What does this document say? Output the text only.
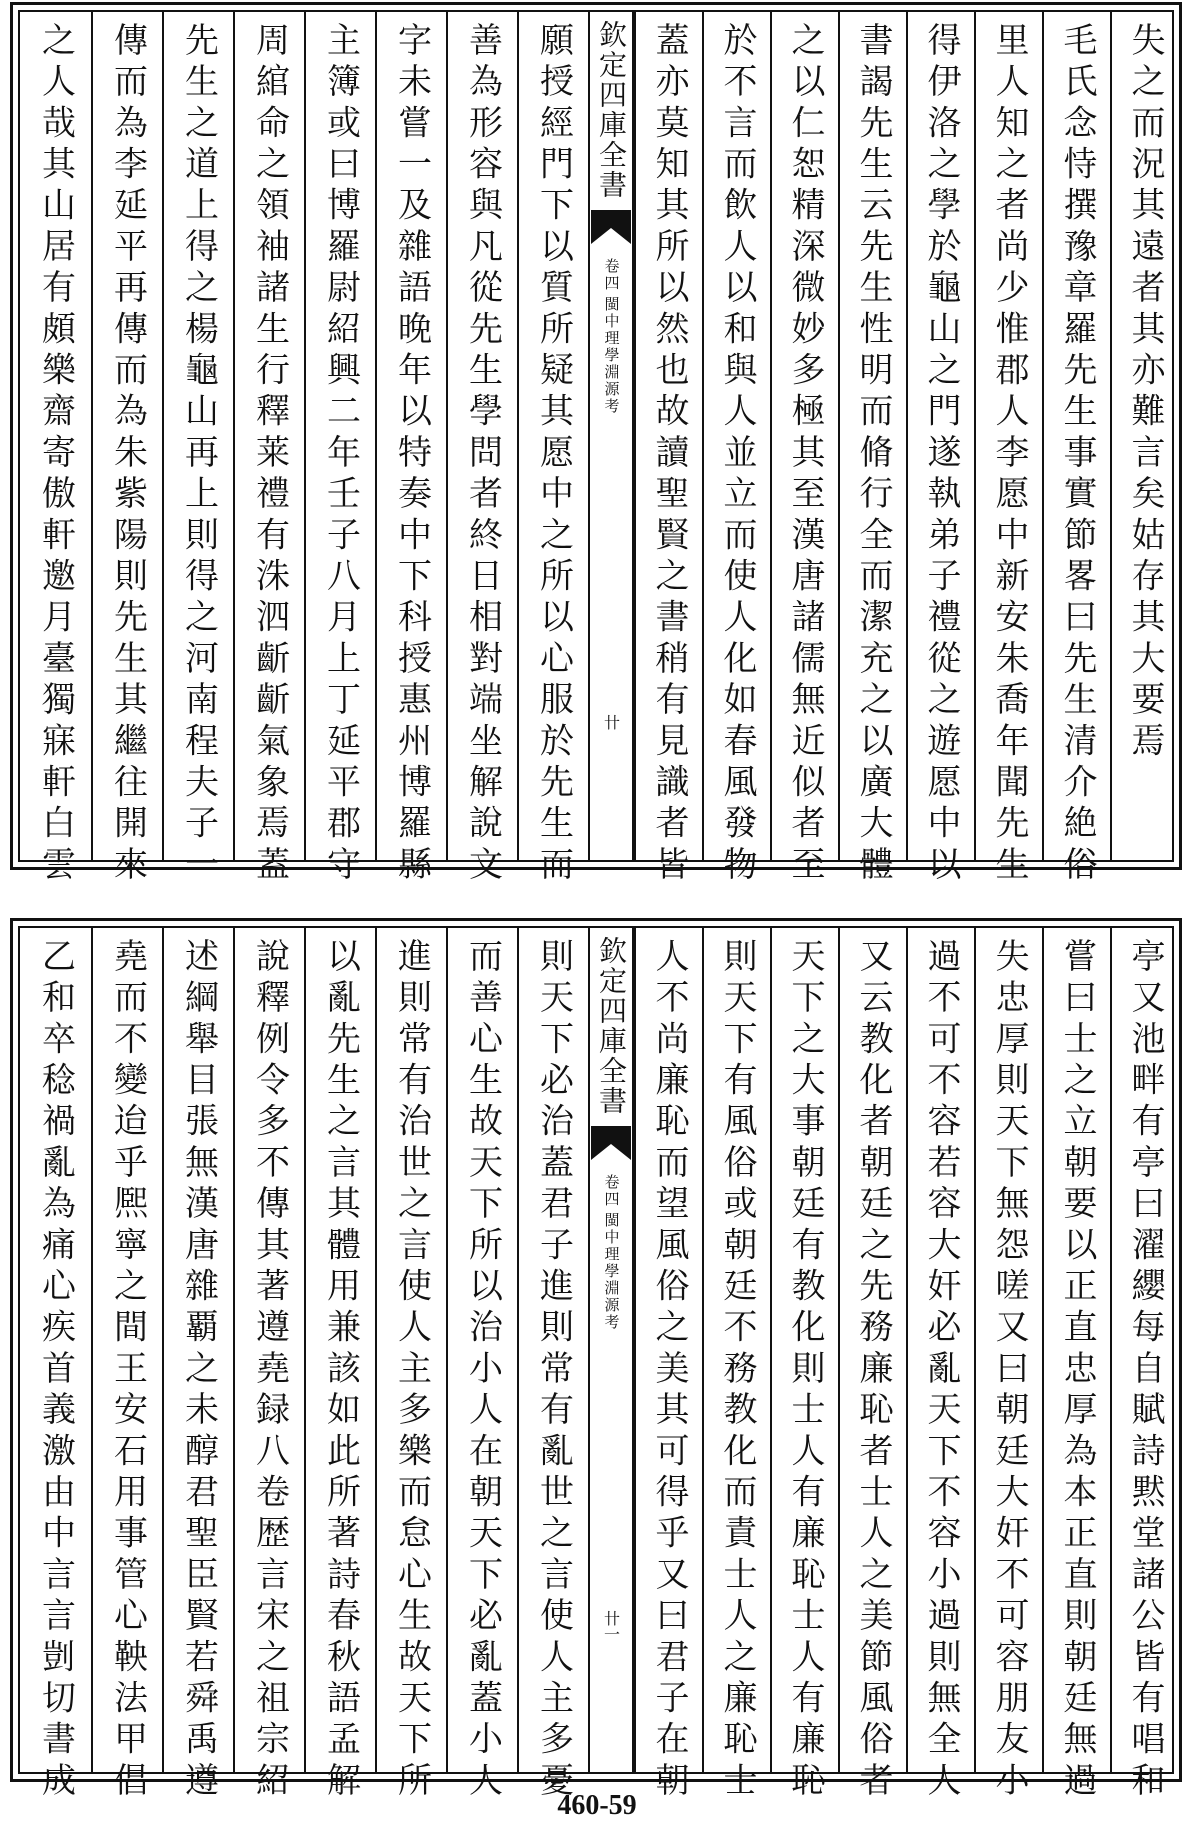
之人哉其山居有頗樂齋寄傲軒邀月臺獨寐軒白雲 傳而為李延平再傳而為朱紫陽則先生其繼往開來 先生之道上得之楊龜山再上則得之河南程夫子一 周綰命之領袖諸生行釋莱禮有洙泗齗齗氣象焉蓋 主簿或曰博羅尉紹興二年壬子八月上丁延平郡守 字未嘗一及雜語晚年以特奏中下科授惠州博羅縣 善為形容與凡從先生學問者終日相對端坐解說文 願授經門下以質所疑其愿中之所以心服於先生而 欽定四庫全書
閩中理學淵源考
卷四
卄 蓋亦莫知其所以然也故讀聖賢之書稍有見識者皆 於不言而飲人以和與人並立而使人化如春風發物 之以仁恕精深微妙多極其至漢唐諸儒無近似者至 書謁先生云先生性明而脩行全而潔充之以廣大體 得伊洛之學於龜山之門遂執弟子禮從之遊愿中以 里人知之者尚少惟郡人李愿中新安朱喬年聞先生 毛氏念恃撰豫章羅先生事實節畧曰先生清介絶俗 失之而況其遠者其亦難言矣姑存其大要焉
乙和卒稔禍亂為痛心疾首義激由中言言剴切書成 堯而不變迨乎熈寧之間王安石用事管心鞅法甲倡 述綱舉目張無漢唐雜覇之未醇君聖臣賢若舜禹遵 說釋例令多不傳其著遵堯録八卷歴言宋之祖宗紹 以亂先生之言其體用兼該如此所著詩春秋語孟解 進則常有治世之言使人主多樂而怠心生故天下所 而善心生故天下所以治小人在朝天下必亂蓋小人 則天下必治蓋君子進則常有亂世之言使人主多憂 欽定四庫全書
閩中理學淵源考
卷四
卄一 人不尚廉恥而望風俗之美其可得乎又曰君子在朝 則天下有風俗或朝廷不務教化而責士人之廉恥士 天下之大事朝廷有教化則士人有廉恥士人有廉恥 又云教化者朝廷之先務廉恥者士人之美節風俗者 過不可不容若容大奸必亂天下不容小過則無全人 失忠厚則天下無怨嗟又曰朝廷大奸不可容朋友小 嘗曰士之立朝要以正直忠厚為本正直則朝廷無過 亭又池畔有亭曰濯纓每自賦詩黙堂諸公皆有唱和
460-59
